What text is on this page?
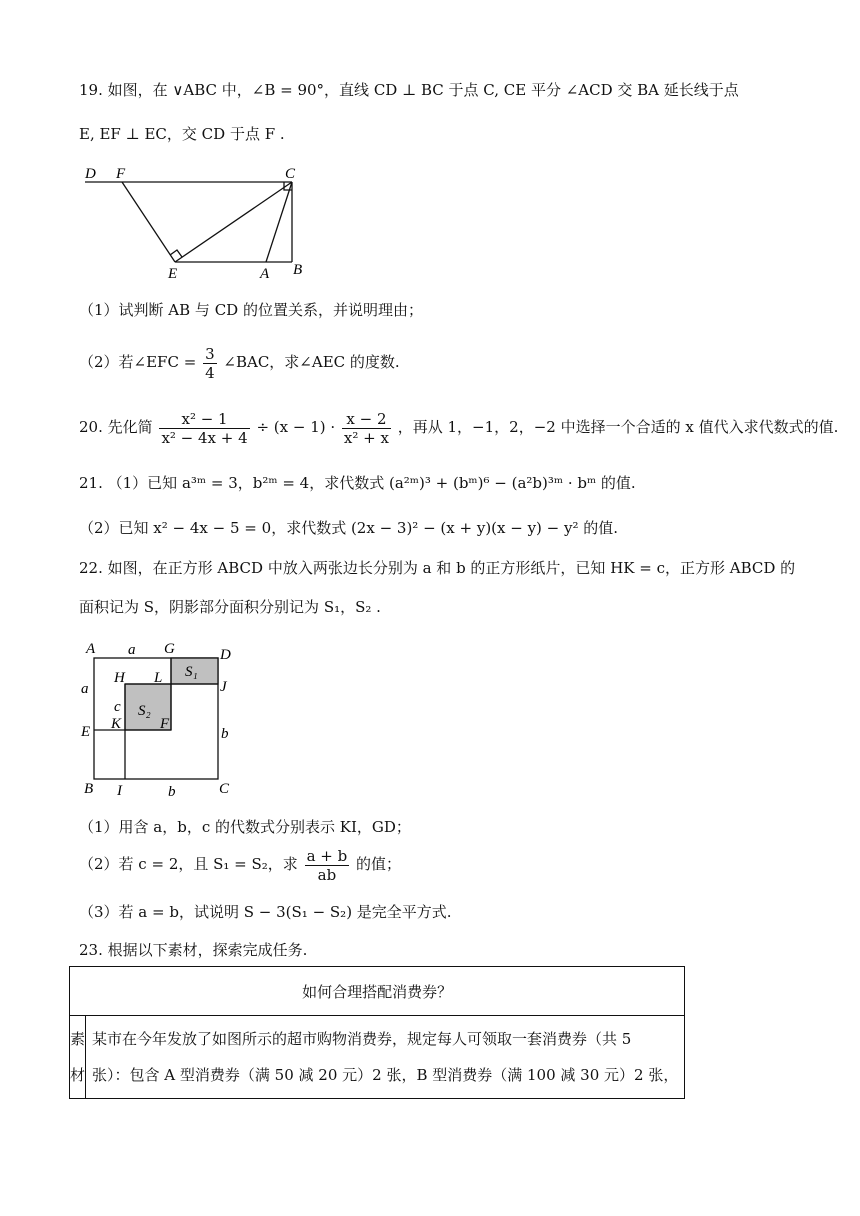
19. 如图，在 ∨ABC 中，∠B = 90°，直线 CD ⊥ BC 于点 C, CE 平分 ∠ACD 交 BA 延长线于点
E, EF ⊥ EC，交 CD 于点 F .
D F	C
E	A B
（1）试判断 AB 与 CD 的位置关系，并说明理由；
（2）若∠EFC = $\frac{3}{4}$ ∠BAC，求∠AEC 的度数.
20. 先化简 $\frac{\text{x² − 1}}{\text{x² − 4x + 4}} \div (x - 1) \cdot \frac{x - 2}{\text{x² + x}}$ ，再从 1，−1，2，−2 中选择一个合适的 x 值代入求代数式的值.
21. （1）已知 a³ᵐ = 3，b²ᵐ = 4，求代数式 (a²ᵐ)³ + (bᵐ)⁶ − (a²b)³ᵐ · bᵐ 的值.
（2）已知 x² − 4x − 5 = 0，求代数式 (2x − 3)² − (x + y)(x − y) − y² 的值.
22. 如图，在正方形 ABCD 中放入两张边长分别为 a 和 b 的正方形纸片，已知 HK = c，正方形 ABCD 的
面积记为 S，阴影部分面积分别记为 S₁，S₂ .
A a G	D
a
H L S₁
J
c S₂
K	F
E	b
B I	b	C
（1）用含 a，b，c 的代数式分别表示 KI，GD；
（2）若 c = 2，且 S₁ = S₂，求 $\frac{a + b}{ab}$ 的值；
（3）若 a = b，试说明 S − 3(S₁ − S₂) 是完全平方式.
23. 根据以下素材，探索完成任务.
如何合理搭配消费券？

素
材

某市在今年发放了如图所示的超市购物消费券，规定每人可领取一套消费券（共 5
张）：包含 A 型消费券（满 50 减 20 元）2 张，B 型消费券（满 100 减 30 元）2 张，
